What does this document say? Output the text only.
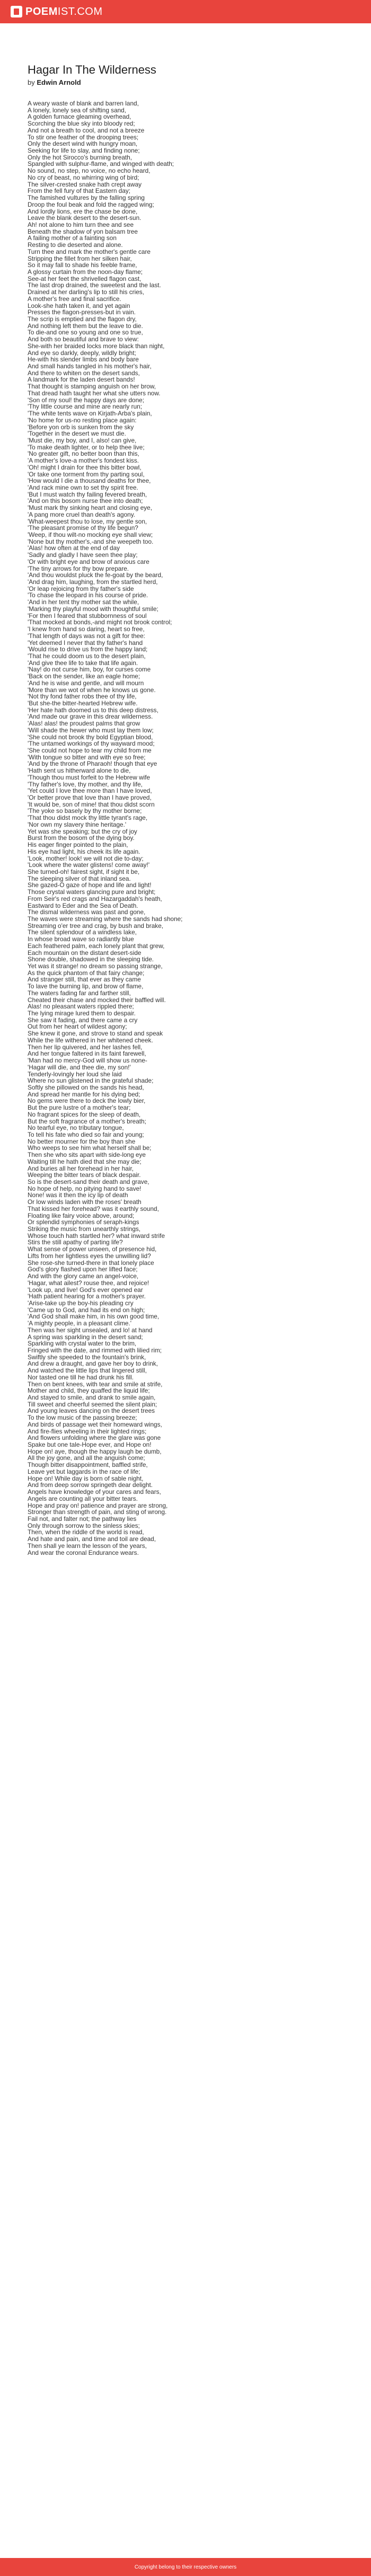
POEMIST.COM
Hagar In The Wilderness
by Edwin Arnold
A weary waste of blank and barren land,
A lonely, lonely sea of shifting sand,
A golden furnace gleaming overhead,
Scorching the blue sky into bloody red;
And not a breath to cool, and not a breeze
To stir one feather of the drooping trees;
Only the desert wind with hungry moan,
Seeking for life to slay, and finding none;
Only the hot Sirocco's burning breath,
Spangled with sulphur-flame, and winged with death;
No sound, no step, no voice, no echo heard,
No cry of beast, no whirring wing of bird;
The silver-crested snake hath crept away
From the fell fury of that Eastern day;
The famished vultures by the falling spring
Droop the foul beak and fold the ragged wing;
And lordly lions, ere the chase be done,
Leave the blank desert to the desert-sun.
Ah! not alone to him turn thee and see
Beneath the shadow of yon balsam tree
A failing mother of a fainting son
Resting to die deserted and alone.
Turn thee and mark the mother's gentle care
Stripping the fillet from her silken hair,
So it may fall to shade his feeble frame,
A glossy curtain from the noon-day flame;
See-at her feet the shrivelled flagon cast,
The last drop drained, the sweetest and the last.
Drained at her darling's lip to still his cries,
A mother's free and final sacrifice.
Look-she hath taken it, and yet again
Presses the flagon-presses-but in vain.
The scrip is emptied and the flagon dry,
And nothing left them but the leave to die.
To die-and one so young and one so true,
And both so beautiful and brave to view:
She-with her braided locks more black than night,
And eye so darkly, deeply, wildly bright;
He-with his slender limbs and body bare
And small hands tangled in his mother's hair,
And there to whiten on the desert sands,
A landmark for the laden desert bands!
That thought is stamping anguish on her brow,
That dread hath taught her what she utters now.
'Son of my soul! the happy days are done;
'Thy little course and mine are nearly run;
'The white tents wave on Kirjath-Arba's plain,
'No home for us-no resting place again:
'Before yon orb is sunken from the sky
'Together in the desert we must die.
'Must die, my boy, and I, also! can give,
'To make death lighter, or to help thee live;
'No greater gift, no better boon than this,
'A mother's love-a mother's fondest kiss.
'Oh! might I drain for thee this bitter bowl,
'Or take one torment from thy parting soul,
'How would I die a thousand deaths for thee,
'And rack mine own to set thy spirit free.
'But I must watch thy failing fevered breath,
'And on this bosom nurse thee into death;
'Must mark thy sinking heart and closing eye,
'A pang more cruel than death's agony.
'What-weepest thou to lose, my gentle son,
'The pleasant promise of thy life begun?
'Weep, if thou wilt-no mocking eye shall view;
'None but thy mother's,-and she weepeth too.
'Alas! how often at the end of day
'Sadly and gladly I have seen thee play;
'Or with bright eye and brow of anxious care
'The tiny arrows for thy bow prepare.
'And thou wouldst pluck the fe-goat by the beard,
'And drag him, laughing, from the startled herd,
'Or leap rejoicing from thy father's side
'To chase the leopard in his course of pride.
'And in her tent thy mother sat the while,
'Marking thy playful mood with thoughtful smile;
'For then I feared that stubbornness of soul
'That mocked at bonds,-and might not brook control;
'I knew from hand so daring, heart so free,
'That length of days was not a gift for thee:
'Yet deemed I never that thy father's hand
'Would rise to drive us from the happy land;
'That he could doom us to the desert plain,
'And give thee life to take that life again.
'Nay! do not curse him, boy, for curses come
'Back on the sender, like an eagle home;
'And he is wise and gentle, and will mourn
'More than we wot of when he knows us gone.
'Not thy fond father robs thee of thy life,
'But she-the bitter-hearted Hebrew wife.
'Her hate hath doomed us to this deep distress,
'And made our grave in this drear wilderness.
'Alas! alas! the proudest palms that grow
'Will shade the hewer who must lay them low;
'She could not brook thy bold Egyptian blood,
'The untamed workings of thy wayward mood;
'She could not hope to tear my child from me
'With tongue so bitter and with eye so free;
'And by the throne of Pharaoh! though that eye
'Hath sent us hitherward alone to die,
'Though thou must forfeit to the Hebrew wife
'Thy father's love, thy mother, and thy life,
'Yet could I love thee more than I have loved,
'Or better prove that love than I have proved,
'It would be, son of mine! that thou didst scorn
'The yoke so basely by thy mother borne;
'That thou didst mock thy little tyrant's rage,
'Nor own my slavery thine heritage.'
Yet was she speaking; but the cry of joy
Burst from the bosom of the dying boy.
His eager finger pointed to the plain,
His eye had light, his cheek its life again.
'Look, mother! look! we will not die to-day;
'Look where the water glistens! come away!'
She turned-oh! fairest sight, if sight it be,
The sleeping silver of that inland sea.
She gazed-O gaze of hope and life and light!
Those crystal waters glancing pure and bright;
From Seir's red crags and Hazargaddah's heath,
Eastward to Eder and the Sea of Death.
The dismal wilderness was past and gone,
The waves were streaming where the sands had shone;
Streaming o'er tree and crag, by bush and brake,
The silent splendour of a windless lake,
In whose broad wave so radiantly blue
Each feathered palm, each lonely plant that grew,
Each mountain on the distant desert-side
Shone double, shadowed in the sleeping tide.
Yet was it strange! no dream so passing strange,
As the quick phantom of that fairy change;
And stranger still, that ever as they came
To lave the burning lip, and brow of flame,
The waters fading far and farther still,
Cheated their chase and mocked their baffled will.
Alas! no pleasant waters rippled there;
The lying mirage lured them to despair.
She saw it fading, and there came a cry
Out from her heart of wildest agony;
She knew it gone, and strove to stand and speak
While the life withered in her whitened cheek.
Then her lip quivered, and her lashes fell,
And her tongue faltered in its faint farewell,
'Man had no mercy-God will show us none-
'Hagar will die, and thee die, my son!'
Tenderly-lovingly her loud she laid
Where no sun glistened in the grateful shade;
Softly she pillowed on the sands his head,
And spread her mantle for his dying bed;
No gems were there to deck the lowly bier,
But the pure lustre of a mother's tear;
No fragrant spices for the sleep of death,
But the soft fragrance of a mother's breath;
No tearful eye, no tributary tongue,
To tell his fate who died so fair and young;
No better mourner for the boy than she
Who weeps to see him what herself shall be;
Then she who sits apart with side-long eye
Waiting till he hath died that she may die;
And buries all her forehead in her hair,
Weeping the bitter tears of black despair.
So is the desert-sand their death and grave,
No hope of help, no pitying hand to save!
None! was it then the icy lip of death
Or low winds laden with the roses' breath
That kissed her forehead? was it earthly sound,
Floating like fairy voice above, around;
Or splendid symphonies of seraph-kings
Striking the music from unearthly strings,
Whose touch hath startled her? what inward strife
Stirs the still apathy of parting life?
What sense of power unseen, of presence hid,
Lifts from her lightless eyes the unwilling lid?
She rose-she turned-there in that lonely place
God's glory flashed upon her lifted face;
And with the glory came an angel-voice,
'Hagar, what ailest? rouse thee, and rejoice!
'Look up, and live! God's ever opened ear
'Hath patient hearing for a mother's prayer.
'Arise-take up the boy-his pleading cry
'Came up to God, and had its end on high;
'And God shall make him, in his own good time,
'A mighty people, in a pleasant clime.'
Then was her sight unsealed, and lo! at hand
A spring was sparkling in the desert sand;
Sparkling with crystal water to the brim,
Fringed with the date, and rimmed with lilied rim;
Swiftly she speeded to the fountain's brink,
And drew a draught, and gave her boy to drink,
And watched the little lips that lingered still,
Nor tasted one till he had drunk his fill.
Then on bent knees, with tear and smile at strife,
Mother and child, they quaffed the liquid life;
And stayed to smile, and drank to smile again,
Till sweet and cheerful seemed the silent plain;
And young leaves dancing on the desert trees
To the low music of the passing breeze;
And birds of passage wet their homeward wings,
And fire-flies wheeling in their lighted rings;
And flowers unfolding where the glare was gone
Spake but one tale-Hope ever, and Hope on!
Hope on! aye, though the happy laugh be dumb,
All the joy gone, and all the anguish come;
Though bitter disappointment, baffled strife,
Leave yet but laggards in the race of life;
Hope on! While day is born of sable night,
And from deep sorrow springeth dear delight.
Angels have knowledge of your cares and fears,
Angels are counting all your bitter tears.
Hope and pray on! patience and prayer are strong,
Stronger than strength of pain, and sting of wrong.
Fail not, and falter not; the pathway lies
Only through sorrow to the sinless skies;
Then, when the riddle of the world is read,
And hate and pain, and time and toil are dead,
Then shall ye learn the lesson of the years,
And wear the coronal Endurance wears.
Copyright belong to their respective owners
